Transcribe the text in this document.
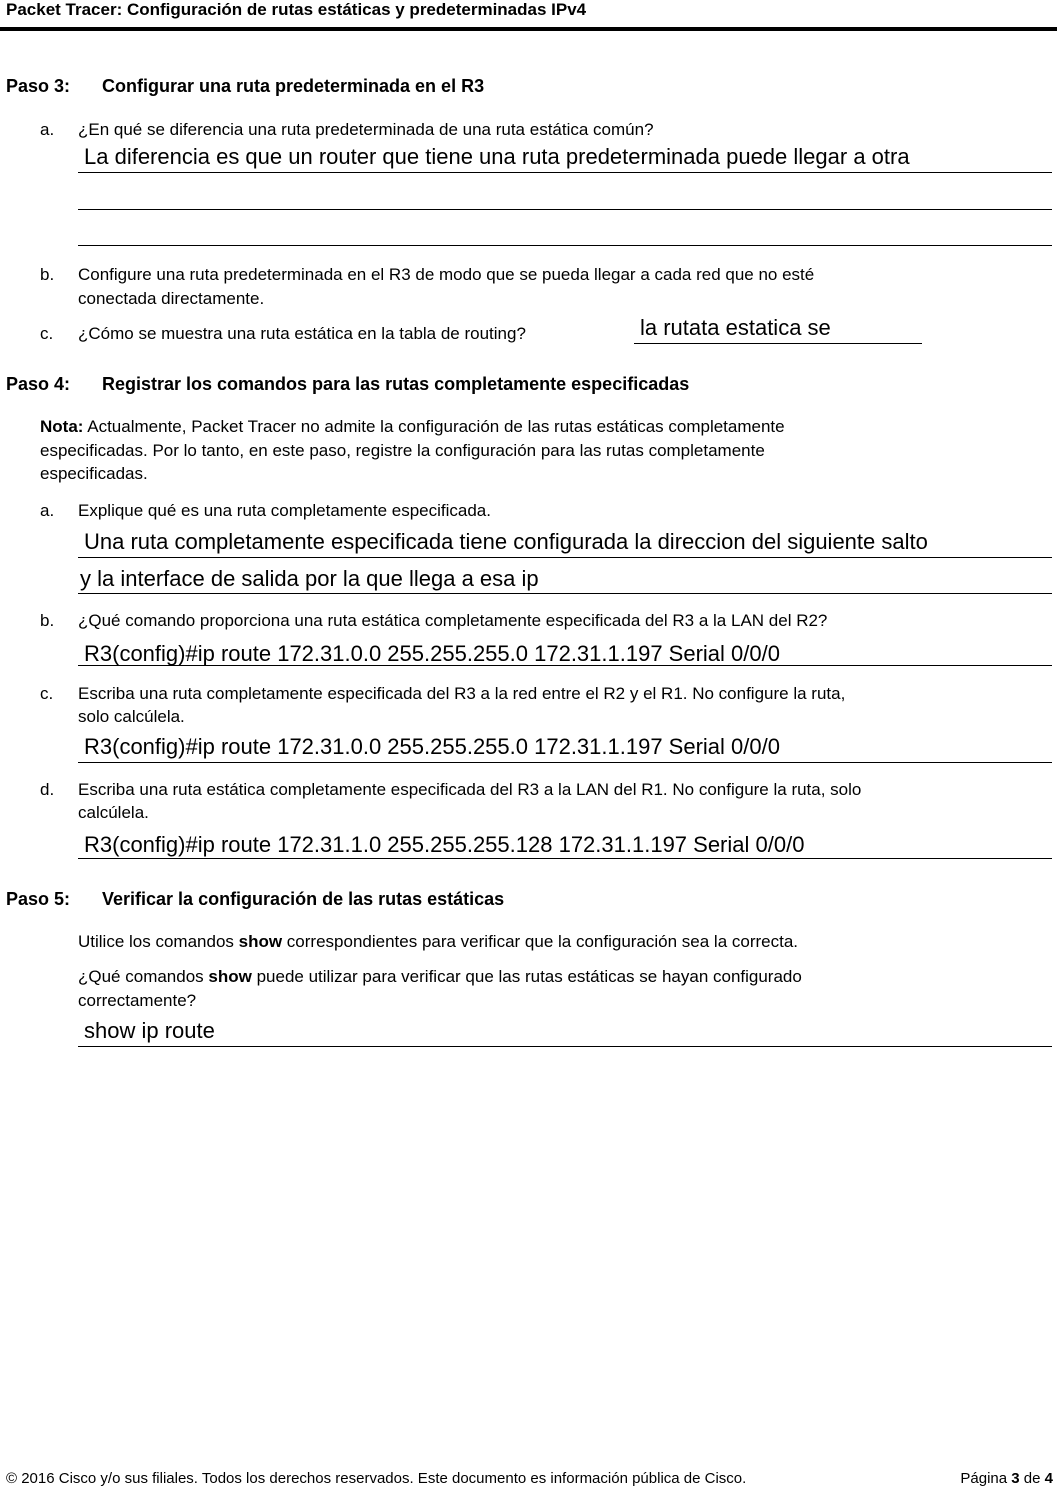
Packet Tracer: Configuración de rutas estáticas y predeterminadas IPv4
Paso 3: Configurar una ruta predeterminada en el R3
a. ¿En qué se diferencia una ruta predeterminada de una ruta estática común?
La diferencia es que un router que tiene una ruta predeterminada puede llegar a otra
b. Configure una ruta predeterminada en el R3 de modo que se pueda llegar a cada red que no esté
conectada directamente.
c. ¿Cómo se muestra una ruta estática en la tabla de routing?	la rutata estatica se
Paso 4: Registrar los comandos para las rutas completamente especificadas
Nota: Actualmente, Packet Tracer no admite la configuración de las rutas estáticas completamente
especificadas. Por lo tanto, en este paso, registre la configuración para las rutas completamente
especificadas.
a. Explique qué es una ruta completamente especificada.
Una ruta completamente especificada tiene configurada la direccion del siguiente salto
y la interface de salida por la que llega a esa ip
b. ¿Qué comando proporciona una ruta estática completamente especificada del R3 a la LAN del R2?
R3(config)#ip route 172.31.0.0 255.255.255.0 172.31.1.197 Serial 0/0/0
c. Escriba una ruta completamente especificada del R3 a la red entre el R2 y el R1. No configure la ruta,
solo calcúlela.
R3(config)#ip route 172.31.0.0 255.255.255.0 172.31.1.197 Serial 0/0/0
d. Escriba una ruta estática completamente especificada del R3 a la LAN del R1. No configure la ruta, solo
calcúlela.
R3(config)#ip route 172.31.1.0 255.255.255.128 172.31.1.197 Serial 0/0/0
Paso 5: Verificar la configuración de las rutas estáticas
Utilice los comandos show correspondientes para verificar que la configuración sea la correcta.
¿Qué comandos show puede utilizar para verificar que las rutas estáticas se hayan configurado
correctamente?
show ip route
© 2016 Cisco y/o sus filiales. Todos los derechos reservados. Este documento es información pública de Cisco.	Página 3 de 4
